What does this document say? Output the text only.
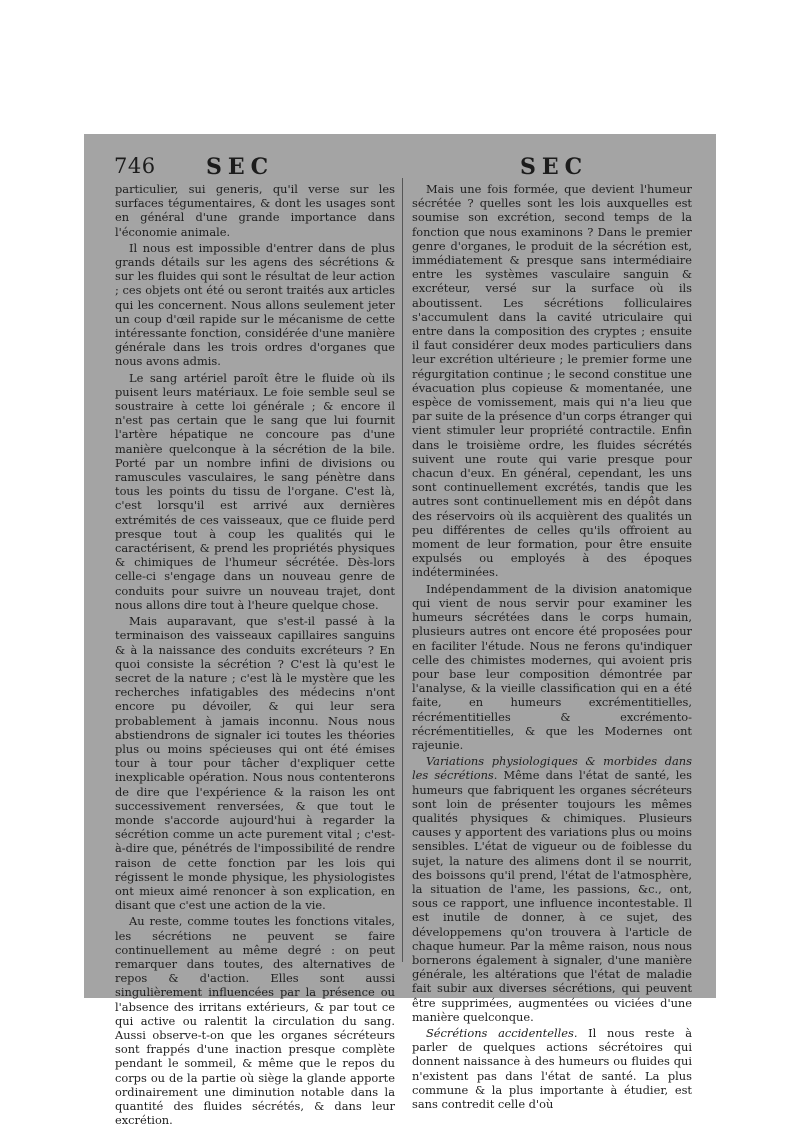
746 SEC	SEC

particulier, sui generis, qu'il verse sur les surfaces tégumentaires, & dont les usages sont en général d'une grande importance dans l'économie animale.

Il nous est impossible d'entrer dans de plus grands détails sur les agens des sécrétions & sur les fluides qui sont le résultat de leur action ; ces objets ont été ou seront traités aux articles qui les concernent. Nous allons seulement jeter un coup d'œil rapide sur le mécanisme de cette intéressante fonction, considérée d'une manière générale dans les trois ordres d'organes que nous avons admis.

Le sang artériel paroît être le fluide où ils puisent leurs matériaux. Le foie semble seul se soustraire à cette loi générale ; & encore il n'est pas certain que le sang que lui fournit l'artère hépatique ne concoure pas d'une manière quelconque à la sécrétion de la bile. Porté par un nombre infini de divisions ou ramuscules vasculaires, le sang pénètre dans tous les points du tissu de l'organe. C'est là, c'est lorsqu'il est arrivé aux dernières extrémités de ces vaisseaux, que ce fluide perd presque tout à coup les qualités qui le caractérisent, & prend les propriétés physiques & chimiques de l'humeur sécrétée. Dès-lors celle-ci s'engage dans un nouveau genre de conduits pour suivre un nouveau trajet, dont nous allons dire tout à l'heure quelque chose.

Mais auparavant, que s'est-il passé à la terminaison des vaisseaux capillaires sanguins & à la naissance des conduits excréteurs ? En quoi consiste la sécrétion ? C'est là qu'est le secret de la nature ; c'est là le mystère que les recherches infatigables des médecins n'ont encore pu dévoiler, & qui leur sera probablement à jamais inconnu. Nous nous abstiendrons de signaler ici toutes les théories plus ou moins spécieuses qui ont été émises tour à tour pour tâcher d'expliquer cette inexplicable opération. Nous nous contenterons de dire que l'expérience & la raison les ont successivement renversées, & que tout le monde s'accorde aujourd'hui à regarder la sécrétion comme un acte purement vital ; c'est-à-dire que, pénétrés de l'impossibilité de rendre raison de cette fonction par les lois qui régissent le monde physique, les physiologistes ont mieux aimé renoncer à son explication, en disant que c'est une action de la vie.

Au reste, comme toutes les fonctions vitales, les sécrétions ne peuvent se faire continuellement au même degré : on peut remarquer dans toutes, des alternatives de repos & d'action. Elles sont aussi singulièrement influencées par la présence ou l'absence des irritans extérieurs, & par tout ce qui active ou ralentit la circulation du sang. Aussi observe-t-on que les organes sécréteurs sont frappés d'une inaction presque complète pendant le sommeil, & même que le repos du corps ou de la partie où siège la glande apporte ordinairement une diminution notable dans la quantité des fluides sécrétés, & dans leur excrétion.

Mais une fois formée, que devient l'humeur sécrétée ? quelles sont les lois auxquelles est soumise son excrétion, second temps de la fonction que nous examinons ? Dans le premier genre d'organes, le produit de la sécrétion est, immédiatement & presque sans intermédiaire entre les systèmes vasculaire sanguin & excréteur, versé sur la surface où ils aboutissent. Les sécrétions folliculaires s'accumulent dans la cavité utriculaire qui entre dans la composition des cryptes ; ensuite il faut considérer deux modes particuliers dans leur excrétion ultérieure ; le premier forme une régurgitation continue ; le second constitue une évacuation plus copieuse & momentanée, une espèce de vomissement, mais qui n'a lieu que par suite de la présence d'un corps étranger qui vient stimuler leur propriété contractile. Enfin dans le troisième ordre, les fluides sécrétés suivent une route qui varie presque pour chacun d'eux. En général, cependant, les uns sont continuellement excrétés, tandis que les autres sont continuellement mis en dépôt dans des réservoirs où ils acquièrent des qualités un peu différentes de celles qu'ils offroient au moment de leur formation, pour être ensuite expulsés ou employés à des époques indéterminées.

Indépendamment de la division anatomique qui vient de nous servir pour examiner les humeurs sécrétées dans le corps humain, plusieurs autres ont encore été proposées pour en faciliter l'étude. Nous ne ferons qu'indiquer celle des chimistes modernes, qui avoient pris pour base leur composition démontrée par l'analyse, & la vieille classification qui en a été faite, en humeurs excrémentitielles, récrémentitielles & excrémento-récrémentitielles, & que les Modernes ont rajeunie.

Variations physiologiques & morbides dans les sécrétions. Même dans l'état de santé, les humeurs que fabriquent les organes sécréteurs sont loin de présenter toujours les mêmes qualités physiques & chimiques. Plusieurs causes y apportent des variations plus ou moins sensibles. L'état de vigueur ou de foiblesse du sujet, la nature des alimens dont il se nourrit, des boissons qu'il prend, l'état de l'atmosphère, la situation de l'ame, les passions, &c., ont, sous ce rapport, une influence incontestable. Il est inutile de donner, à ce sujet, des développemens qu'on trouvera à l'article de chaque humeur. Par la même raison, nous nous bornerons également à signaler, d'une manière générale, les altérations que l'état de maladie fait subir aux diverses sécrétions, qui peuvent être supprimées, augmentées ou viciées d'une manière quelconque.

Sécrétions accidentelles. Il nous reste à parler de quelques actions sécrétoires qui donnent naissance à des humeurs ou fluides qui n'existent pas dans l'état de santé. La plus commune & la plus importante à étudier, est sans contredit celle d'où
